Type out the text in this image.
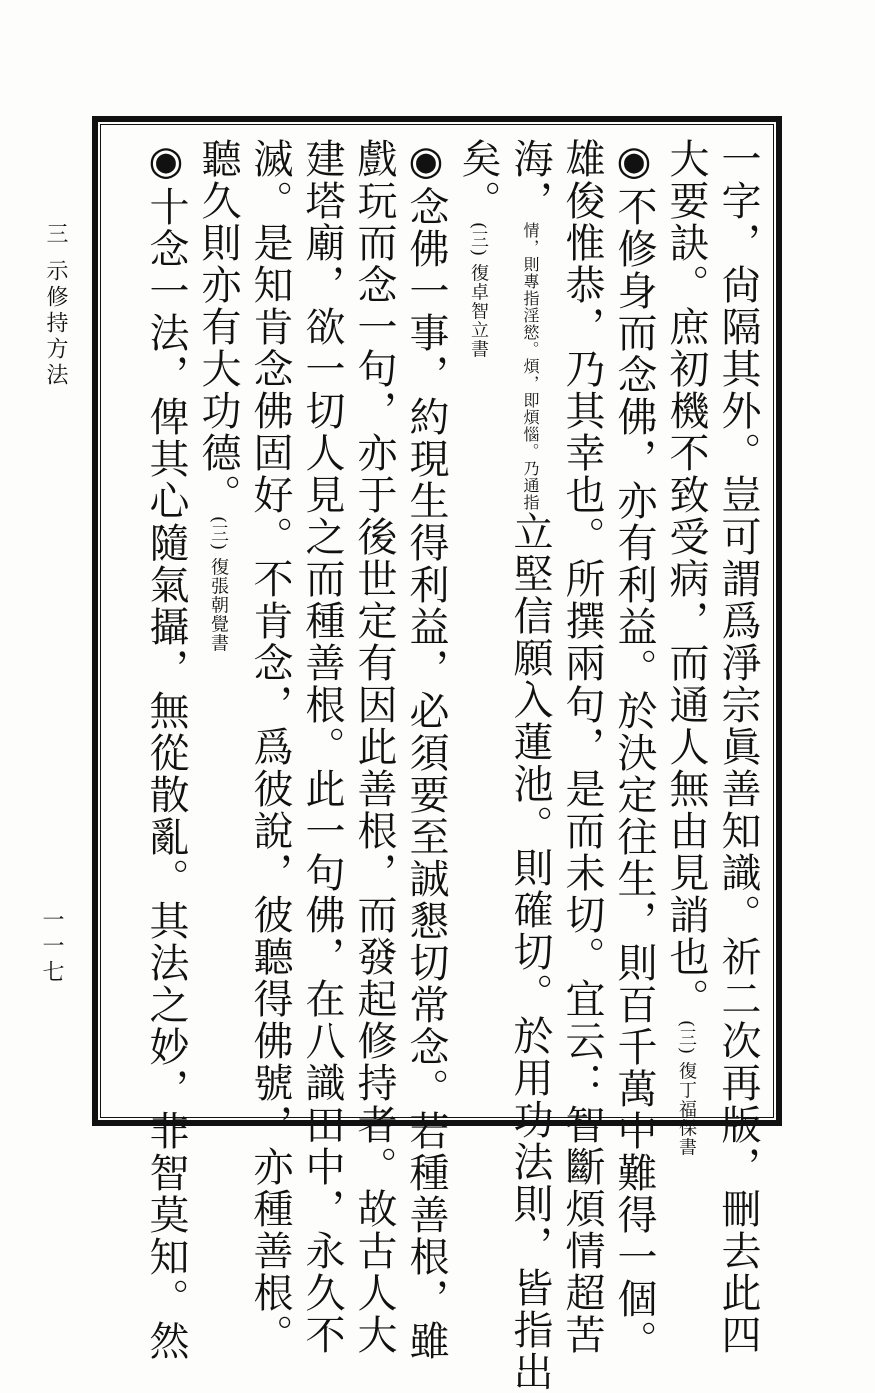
三 示修持方法
一一七	一字，尙隔其外。豈可謂爲淨宗眞善知識。祈二次再版，刪去此四
大要訣。庶初機不致受病，而通人無由見誚也。(三) 復丁福保書
◉不修身而念佛，亦有利益。於決定往生，則百千萬中難得一個。
雄俊惟恭，乃其幸也。所撰兩句，是而未切。宜云：智斷煩情超苦
海，
煩，即煩惱。乃通指
情，則專指淫慾。
立堅信願入蓮池。則確切。於用功法則，皆指出
矣。(三) 復卓智立書
◉念佛一事，約現生得利益，必須要至誠懇切常念。若種善根，雖
戲玩而念一句，亦于後世定有因此善根，而發起修持者。故古人大
建塔廟，欲一切人見之而種善根。此一句佛，在八識田中，永久不
滅。是知肯念佛固好。不肯念，爲彼說，彼聽得佛號，亦種善根。
聽久則亦有大功德。(三) 復張朝覺書
◉十念一法，俾其心隨氣攝，無從散亂。其法之妙，非智莫知。然
